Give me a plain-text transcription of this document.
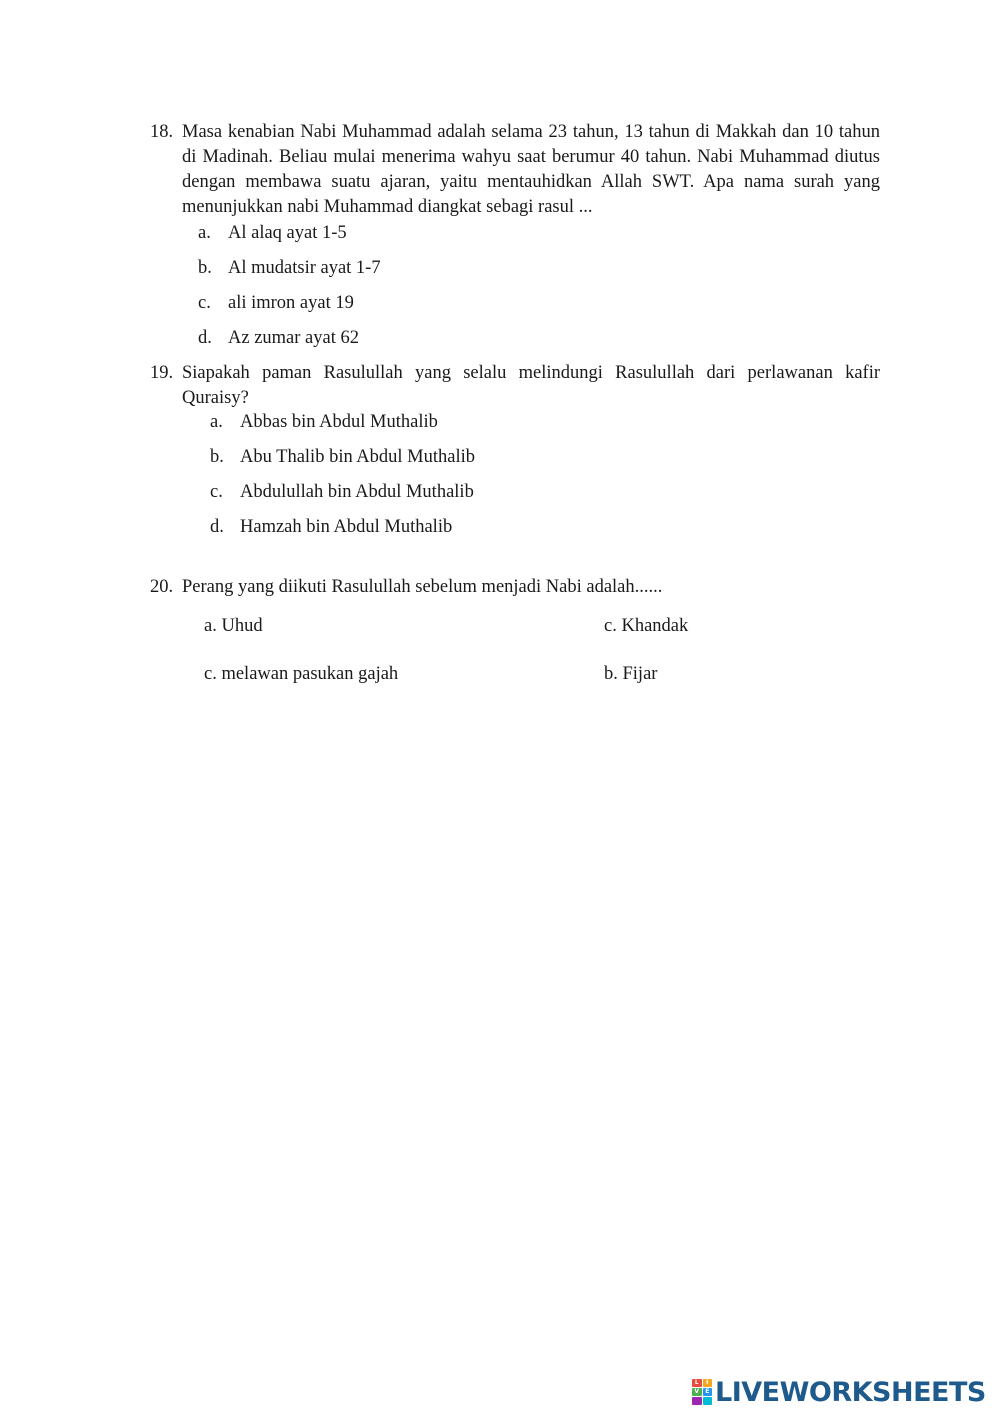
18. Masa kenabian Nabi Muhammad adalah selama 23 tahun, 13 tahun di Makkah dan 10 tahun di Madinah. Beliau mulai menerima wahyu saat berumur 40 tahun. Nabi Muhammad diutus dengan membawa suatu ajaran, yaitu mentauhidkan Allah SWT. Apa nama surah yang menunjukkan nabi Muhammad diangkat sebagi rasul ...
a. Al alaq ayat 1-5
b. Al mudatsir ayat 1-7
c. ali imron ayat 19
d. Az zumar ayat 62
19. Siapakah paman Rasulullah yang selalu melindungi Rasulullah dari perlawanan kafir Quraisy?
a. Abbas bin Abdul Muthalib
b. Abu Thalib bin Abdul Muthalib
c. Abdulullah bin Abdul Muthalib
d. Hamzah bin Abdul Muthalib
20. Perang yang diikuti Rasulullah sebelum menjadi Nabi adalah......
a. Uhud	c. Khandak
c. melawan pasukan gajah	b. Fijar
L	I
V	E LIVEWORKSHEETS
